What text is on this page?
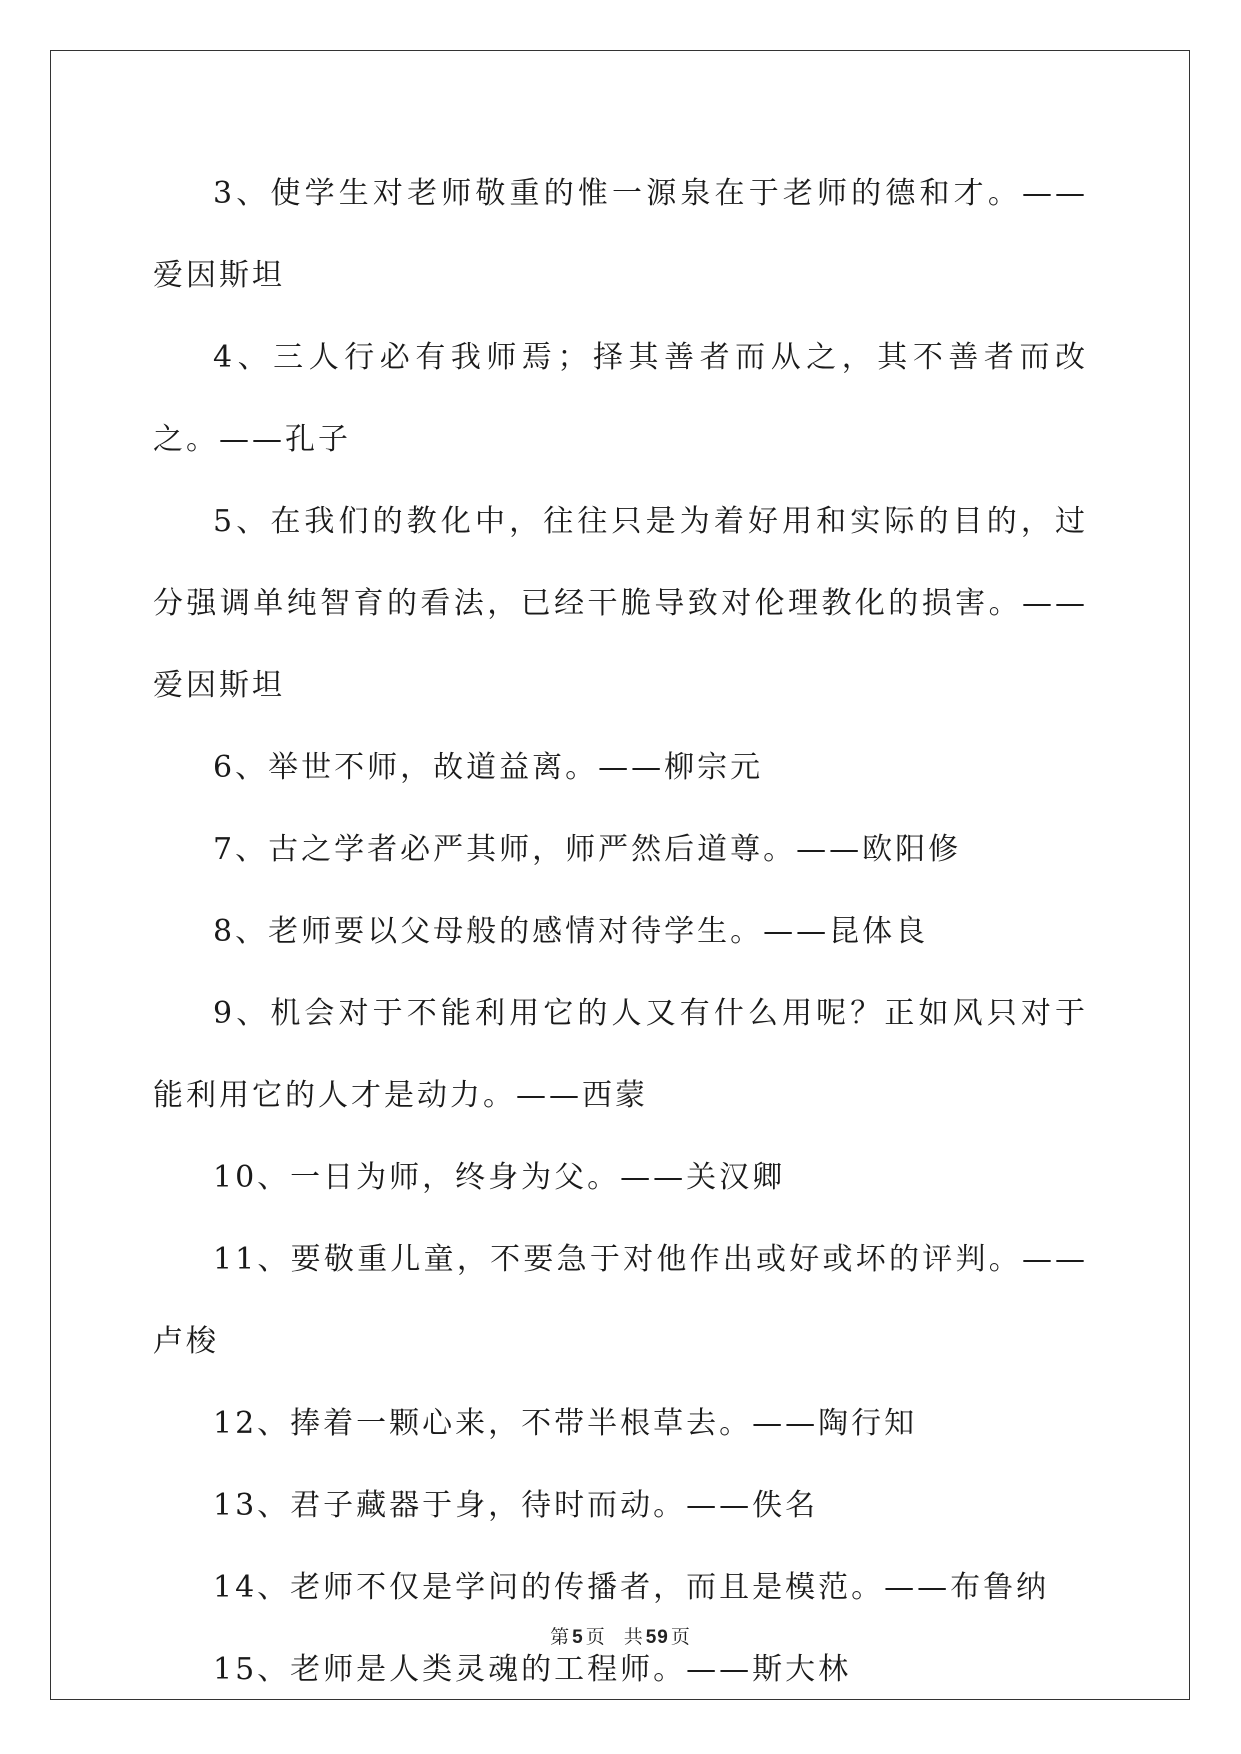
3、使学生对老师敬重的惟一源泉在于老师的德和才。——爱因斯坦

4、三人行必有我师焉；择其善者而从之，其不善者而改之。——孔子

5、在我们的教化中，往往只是为着好用和实际的目的，过分强调单纯智育的看法，已经干脆导致对伦理教化的损害。——爱因斯坦

6、举世不师，故道益离。——柳宗元

7、古之学者必严其师，师严然后道尊。——欧阳修

8、老师要以父母般的感情对待学生。——昆体良

9、机会对于不能利用它的人又有什么用呢？正如风只对于能利用它的人才是动力。——西蒙

10、一日为师，终身为父。——关汉卿

11、要敬重儿童，不要急于对他作出或好或坏的评判。——卢梭

12、捧着一颗心来，不带半根草去。——陶行知

13、君子藏器于身，待时而动。——佚名

14、老师不仅是学问的传播者，而且是模范。——布鲁纳

15、老师是人类灵魂的工程师。——斯大林

第 5 页 共 59 页
